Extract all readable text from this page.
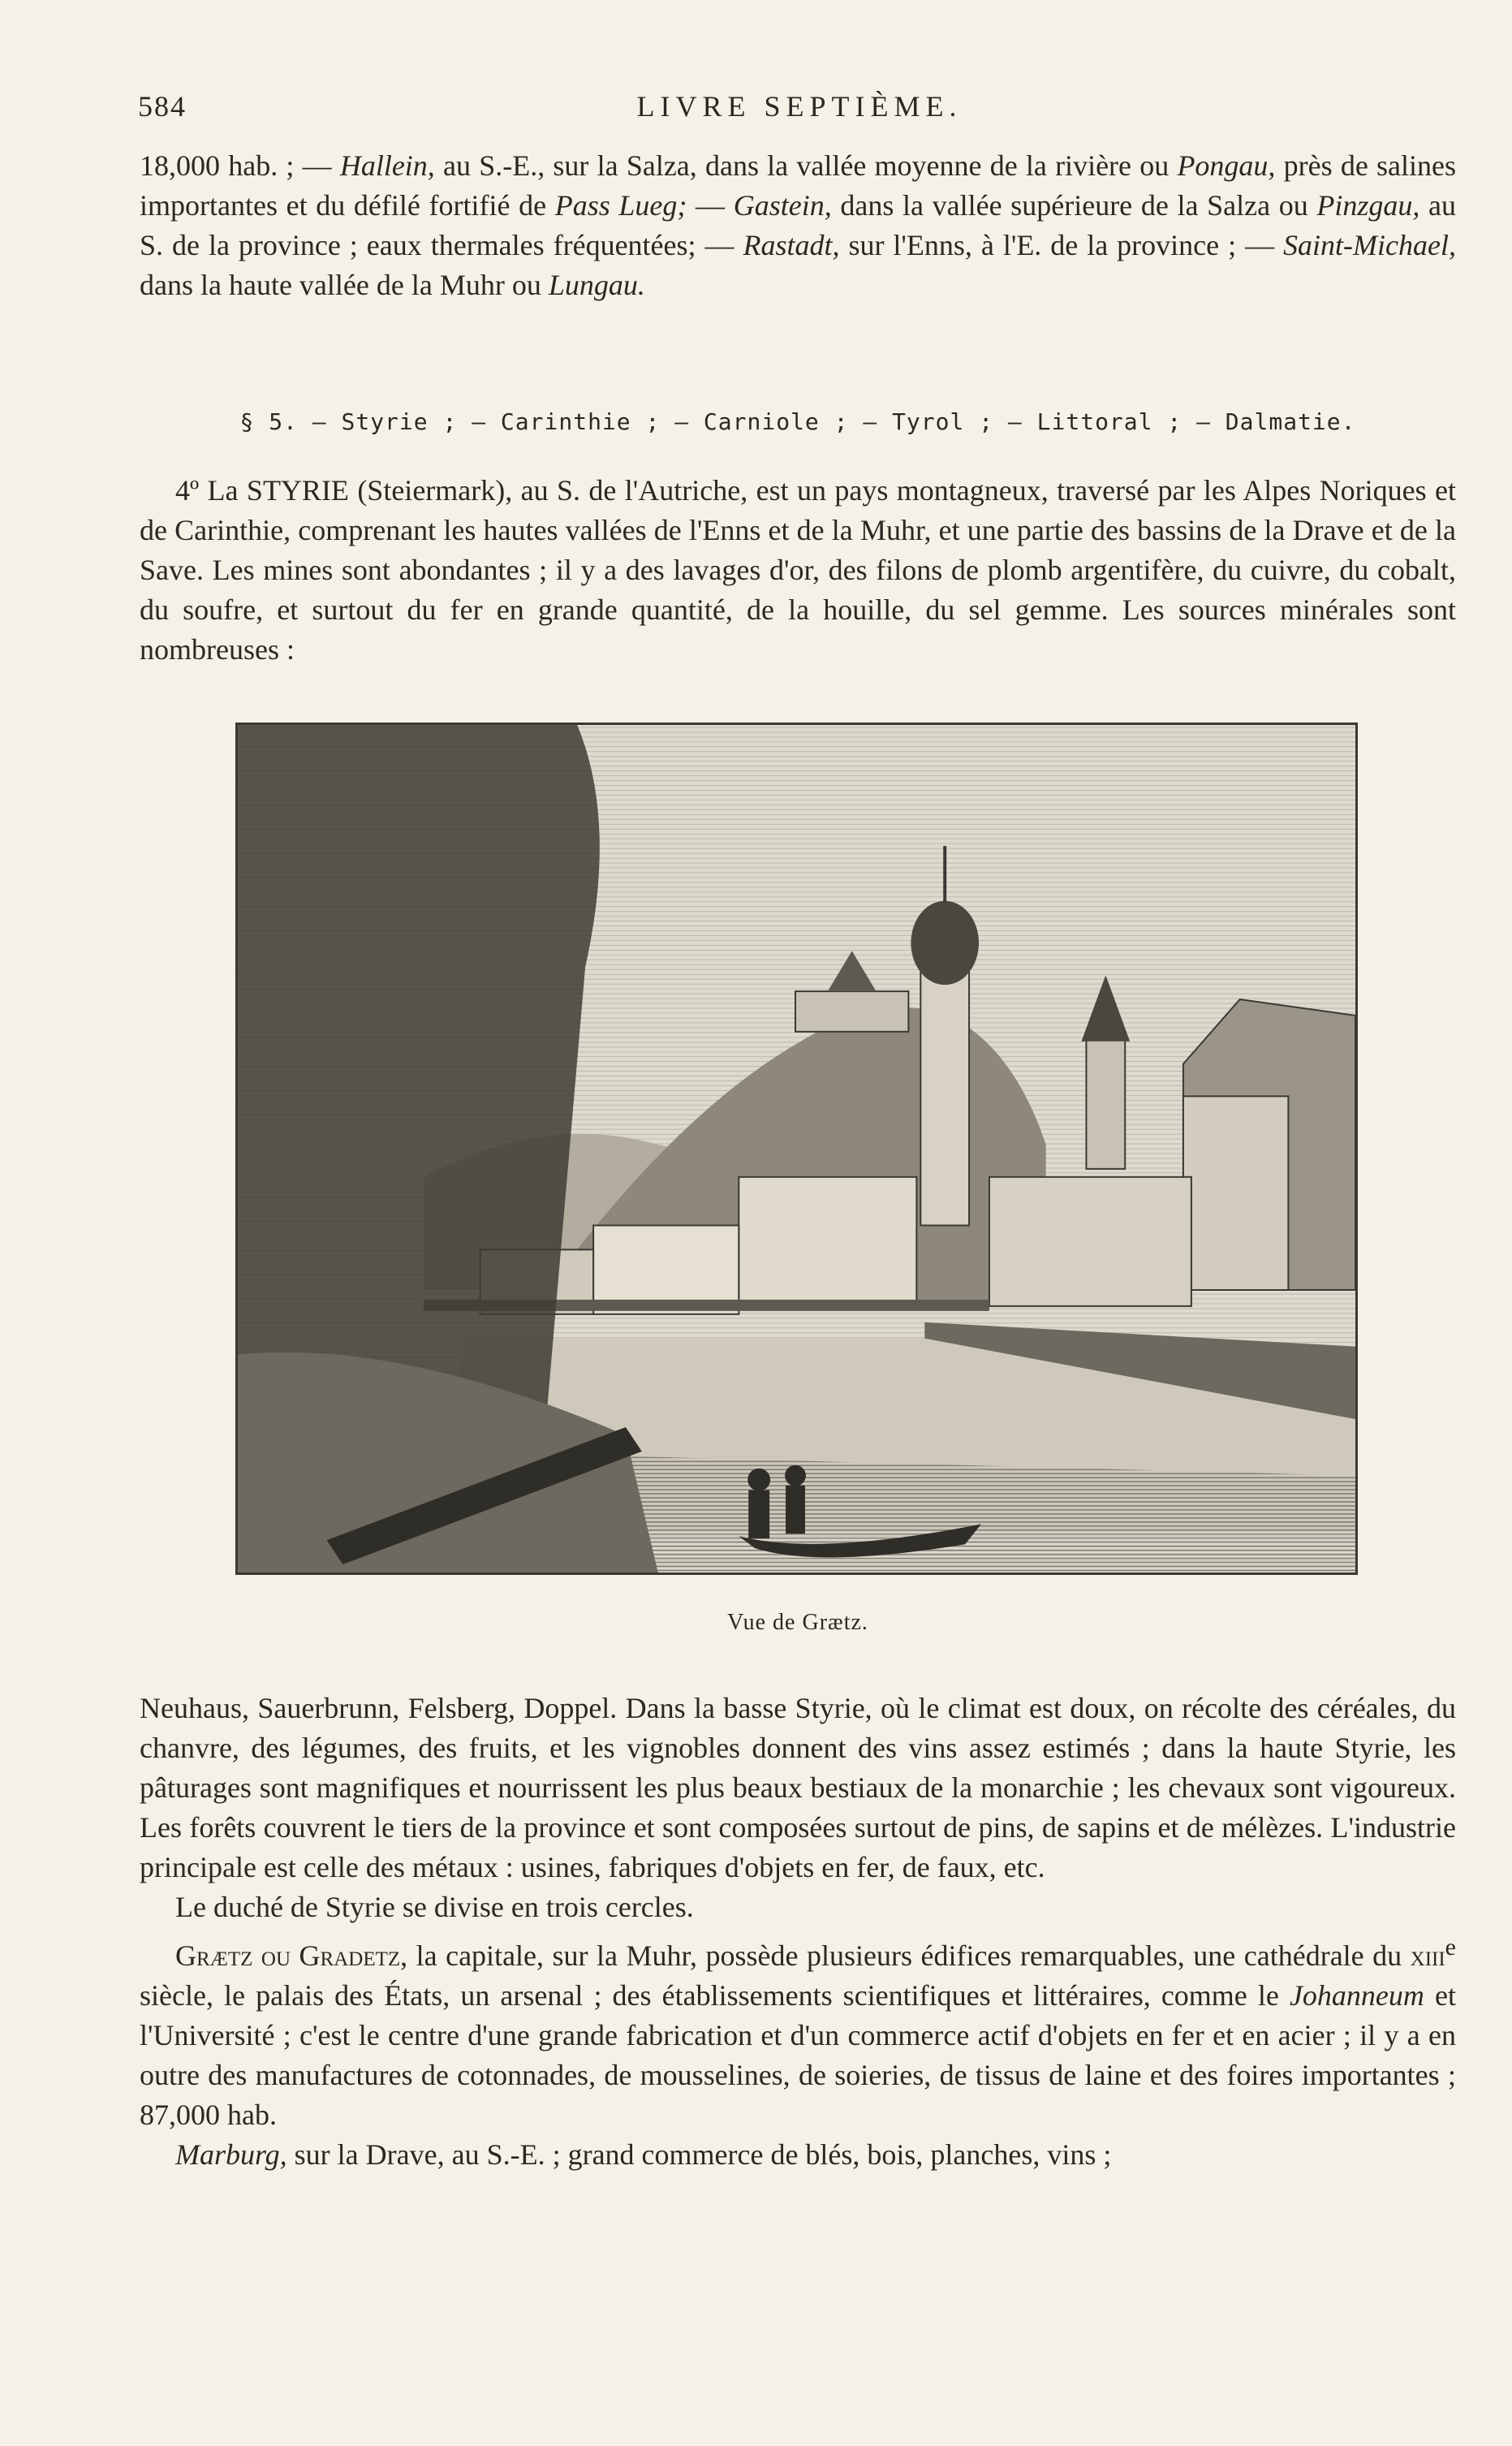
584	LIVRE SEPTIÈME.

18,000 hab. ; — Hallein, au S.-E., sur la Salza, dans la vallée moyenne de la rivière ou Pongau, près de salines importantes et du défilé fortifié de Pass Lueg; — Gastein, dans la vallée supérieure de la Salza ou Pinzgau, au S. de la province ; eaux thermales fréquentées; — Rastadt, sur l'Enns, à l'E. de la province ; — Saint-Michael, dans la haute vallée de la Muhr ou Lungau.

§ 5. — Styrie ; — Carinthie ; — Carniole ; — Tyrol ; — Littoral ; — Dalmatie.

4º La STYRIE (Steiermark), au S. de l'Autriche, est un pays montagneux, traversé par les Alpes Noriques et de Carinthie, comprenant les hautes vallées de l'Enns et de la Muhr, et une partie des bassins de la Drave et de la Save. Les mines sont abondantes ; il y a des lavages d'or, des filons de plomb argentifère, du cuivre, du cobalt, du soufre, et surtout du fer en grande quantité, de la houille, du sel gemme. Les sources minérales sont nombreuses :

Vue de Grætz.

Neuhaus, Sauerbrunn, Felsberg, Doppel. Dans la basse Styrie, où le climat est doux, on récolte des céréales, du chanvre, des légumes, des fruits, et les vignobles donnent des vins assez estimés ; dans la haute Styrie, les pâturages sont magnifiques et nourrissent les plus beaux bestiaux de la monarchie ; les chevaux sont vigoureux. Les forêts couvrent le tiers de la province et sont composées surtout de pins, de sapins et de mélèzes. L'industrie principale est celle des métaux : usines, fabriques d'objets en fer, de faux, etc.

Le duché de Styrie se divise en trois cercles.

Grætz ou Gradetz, la capitale, sur la Muhr, possède plusieurs édifices remarquables, une cathédrale du xiii$^e$ siècle, le palais des États, un arsenal ; des établissements scientifiques et littéraires, comme le Johanneum et l'Université ; c'est le centre d'une grande fabrication et d'un commerce actif d'objets en fer et en acier ; il y a en outre des manufactures de cotonnades, de mousselines, de soieries, de tissus de laine et des foires importantes ; 87,000 hab.

Marburg, sur la Drave, au S.-E. ; grand commerce de blés, bois, planches, vins ;
